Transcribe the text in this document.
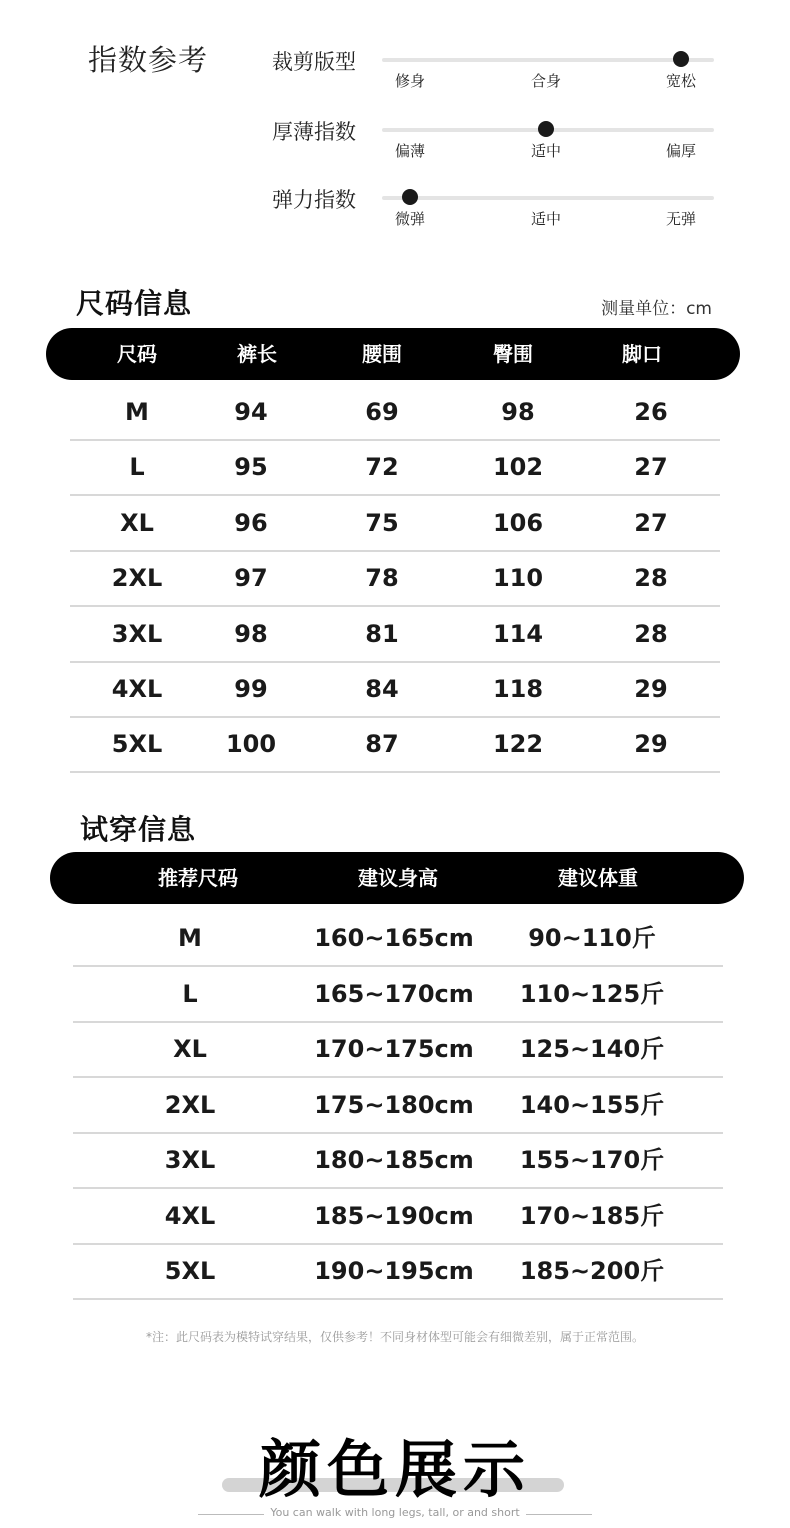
指数参考	裁剪版型
修身	合身	宽松
厚薄指数
偏薄	适中	偏厚
弹力指数
微弹	适中	无弹
尺码信息	测量单位：cm
尺码	裤长	腰围	臀围	脚口
M	94	69	98	26
L	95	72	102	27
XL	96	75	106	27
2XL	97	78	110	28
3XL	98	81	114	28
4XL	99	84	118	29
5XL	100	87	122	29
试穿信息
推荐尺码	建议身高	建议体重
M	160~165cm 90~110斤
L	165~170cm 110~125斤
XL	170~175cm 125~140斤
2XL	175~180cm 140~155斤
3XL	180~185cm 155~170斤
4XL	185~190cm 170~185斤
5XL	190~195cm 185~200斤
*注：此尺码表为模特试穿结果，仅供参考！不同身材体型可能会有细微差别，属于正常范围。
颜色展示
You can walk with long legs, tall, or and short
